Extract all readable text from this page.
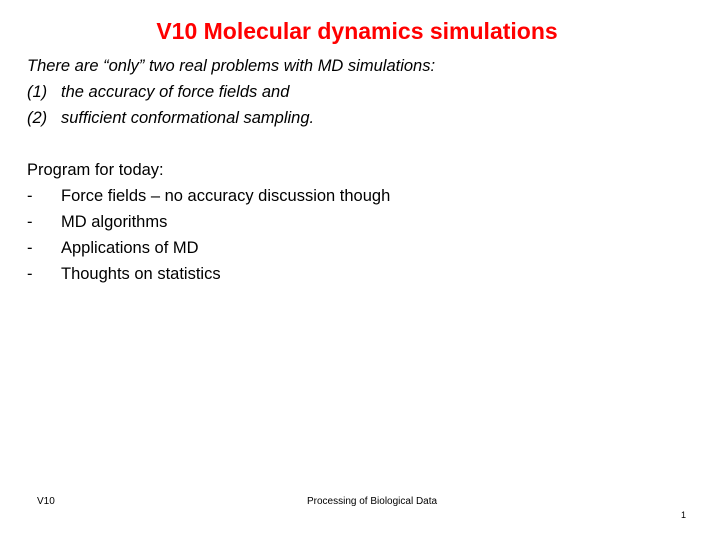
V10 Molecular dynamics simulations
There are “only” two real problems with MD simulations:
(1) the accuracy of force fields and
(2) sufficient conformational sampling.
Program for today:
- Force fields – no accuracy discussion though
- MD algorithms
- Applications of MD
- Thoughts on statistics
V10	Processing of Biological Data
1
